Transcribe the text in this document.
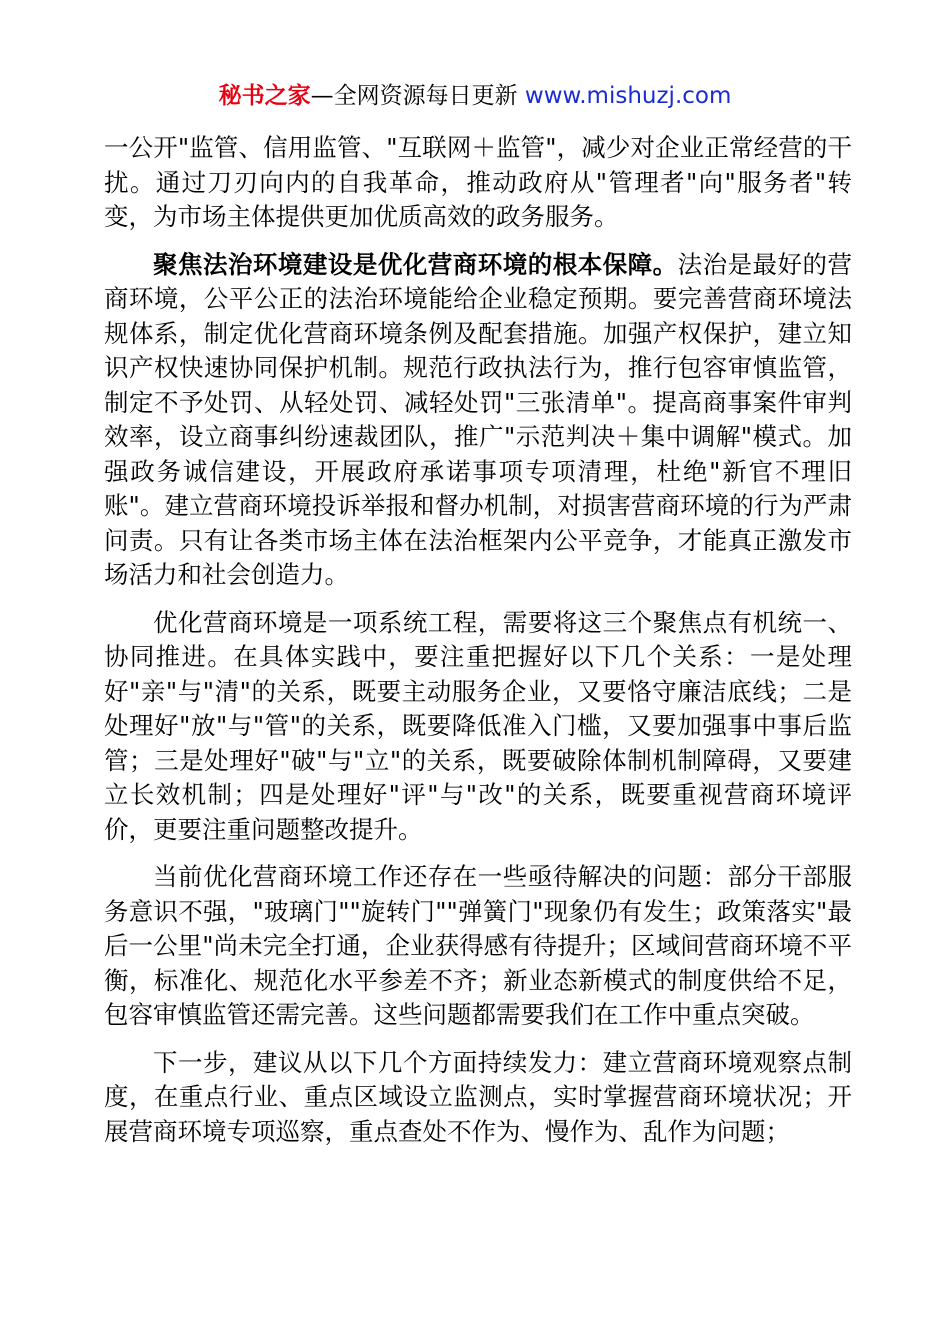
秘书之家—全网资源每日更新 www.mishuzj.com

一公开"监管、信用监管、"互联网＋监管"，减少对企业正常经营的干扰。通过刀刃向内的自我革命，推动政府从"管理者"向"服务者"转变，为市场主体提供更加优质高效的政务服务。

聚焦法治环境建设是优化营商环境的根本保障。法治是最好的营商环境，公平公正的法治环境能给企业稳定预期。要完善营商环境法规体系，制定优化营商环境条例及配套措施。加强产权保护，建立知识产权快速协同保护机制。规范行政执法行为，推行包容审慎监管，制定不予处罚、从轻处罚、减轻处罚"三张清单"。提高商事案件审判效率，设立商事纠纷速裁团队，推广"示范判决＋集中调解"模式。加强政务诚信建设，开展政府承诺事项专项清理，杜绝"新官不理旧账"。建立营商环境投诉举报和督办机制，对损害营商环境的行为严肃问责。只有让各类市场主体在法治框架内公平竞争，才能真正激发市场活力和社会创造力。

优化营商环境是一项系统工程，需要将这三个聚焦点有机统一、协同推进。在具体实践中，要注重把握好以下几个关系：一是处理好"亲"与"清"的关系，既要主动服务企业，又要恪守廉洁底线；二是处理好"放"与"管"的关系，既要降低准入门槛，又要加强事中事后监管；三是处理好"破"与"立"的关系，既要破除体制机制障碍，又要建立长效机制；四是处理好"评"与"改"的关系，既要重视营商环境评价，更要注重问题整改提升。

当前优化营商环境工作还存在一些亟待解决的问题：部分干部服务意识不强，"玻璃门""旋转门""弹簧门"现象仍有发生；政策落实"最后一公里"尚未完全打通，企业获得感有待提升；区域间营商环境不平衡，标准化、规范化水平参差不齐；新业态新模式的制度供给不足，包容审慎监管还需完善。这些问题都需要我们在工作中重点突破。

下一步，建议从以下几个方面持续发力：建立营商环境观察点制度，在重点行业、重点区域设立监测点，实时掌握营商环境状况；开展营商环境专项巡察，重点查处不作为、慢作为、乱作为问题；
